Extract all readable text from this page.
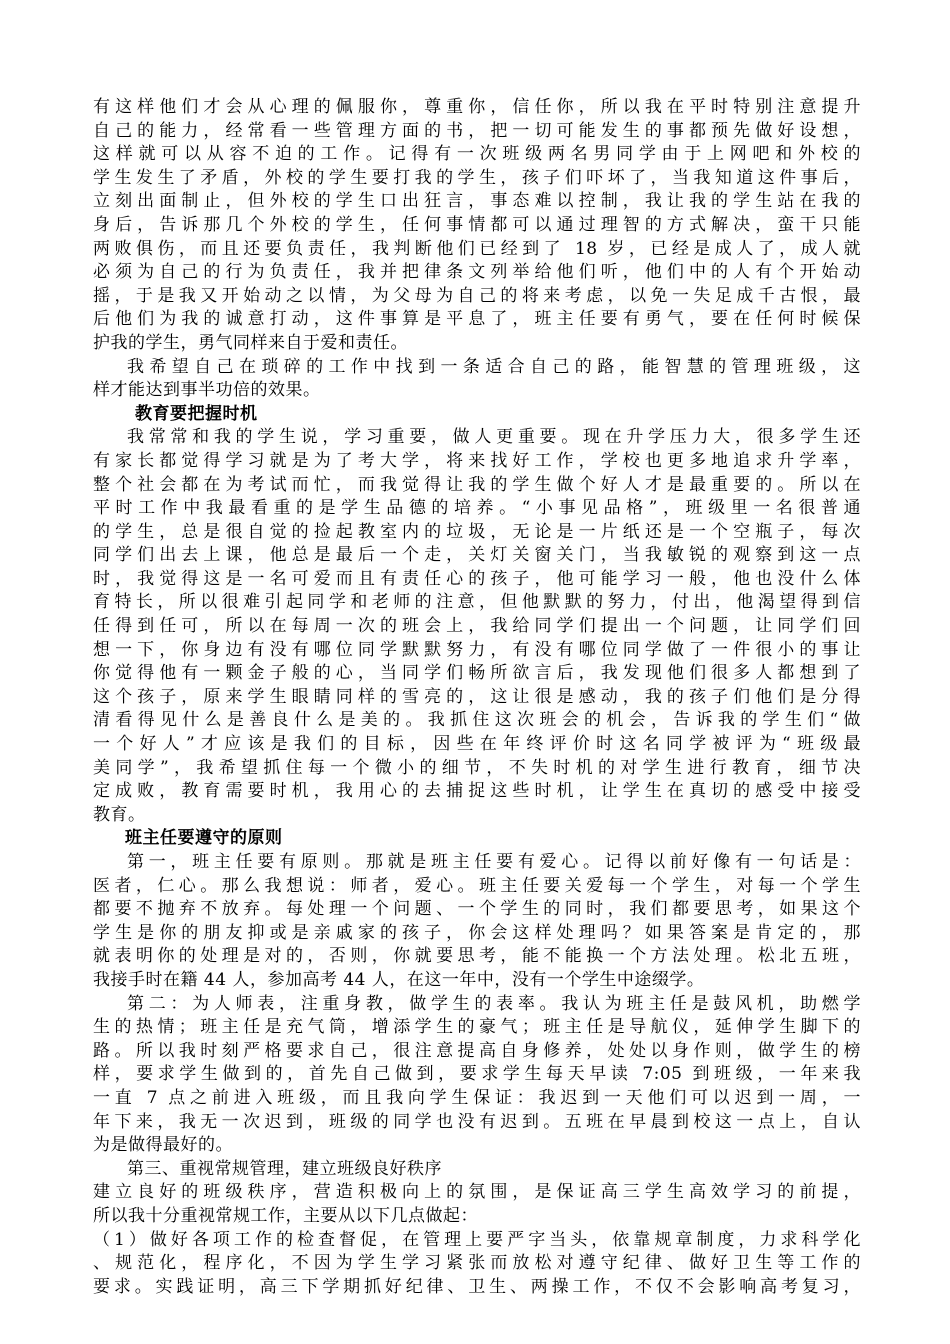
有这样他们才会从心理的佩服你，尊重你，信任你，所以我在平时特别注意提升
自己的能力，经常看一些管理方面的书，把一切可能发生的事都预先做好设想，
这样就可以从容不迫的工作。记得有一次班级两名男同学由于上网吧和外校的
学生发生了矛盾，外校的学生要打我的学生，孩子们吓坏了，当我知道这件事后，
立刻出面制止，但外校的学生口出狂言，事态难以控制，我让我的学生站在我的
身后，告诉那几个外校的学生，任何事情都可以通过理智的方式解决，蛮干只能
两败俱伤，而且还要负责任，我判断他们已经到了 18 岁，已经是成人了，成人就
必须为自己的行为负责任，我并把律条文列举给他们听，他们中的人有个开始动
摇，于是我又开始动之以情，为父母为自己的将来考虑，以免一失足成千古恨，最
后他们为我的诚意打动，这件事算是平息了，班主任要有勇气，要在任何时候保
护我的学生，勇气同样来自于爱和责任。
我希望自己在琐碎的工作中找到一条适合自己的路，能智慧的管理班级，这
样才能达到事半功倍的效果。
教育要把握时机
我常常和我的学生说，学习重要，做人更重要。现在升学压力大，很多学生还
有家长都觉得学习就是为了考大学，将来找好工作，学校也更多地追求升学率，
整个社会都在为考试而忙，而我觉得让我的学生做个好人才是最重要的。所以在
平时工作中我最看重的是学生品德的培养。“小事见品格”，班级里一名很普通
的学生，总是很自觉的捡起教室内的垃圾，无论是一片纸还是一个空瓶子，每次
同学们出去上课，他总是最后一个走，关灯关窗关门，当我敏锐的观察到这一点
时，我觉得这是一名可爱而且有责任心的孩子，他可能学习一般，他也没什么体
育特长，所以很难引起同学和老师的注意，但他默默的努力，付出，他渴望得到信
任得到任可，所以在每周一次的班会上，我给同学们提出一个问题，让同学们回
想一下，你身边有没有哪位同学默默努力，有没有哪位同学做了一件很小的事让
你觉得他有一颗金子般的心，当同学们畅所欲言后，我发现他们很多人都想到了
这个孩子，原来学生眼睛同样的雪亮的，这让很是感动，我的孩子们他们是分得
清看得见什么是善良什么是美的。我抓住这次班会的机会，告诉我的学生们“做
一个好人”才应该是我们的目标，因些在年终评价时这名同学被评为“班级最
美同学”，我希望抓住每一个微小的细节，不失时机的对学生进行教育，细节决
定成败，教育需要时机，我用心的去捕捉这些时机，让学生在真切的感受中接受
教育。
班主任要遵守的原则
第一，班主任要有原则。那就是班主任要有爱心。记得以前好像有一句话是：
医者，仁心。那么我想说：师者，爱心。班主任要关爱每一个学生，对每一个学生
都要不抛弃不放弃。每处理一个问题、一个学生的同时，我们都要思考，如果这个
学生是你的朋友抑或是亲戚家的孩子，你会这样处理吗？如果答案是肯定的，那
就表明你的处理是对的，否则，你就要思考，能不能换一个方法处理。松北五班，
我接手时在籍 44 人，参加高考 44 人，在这一年中，没有一个学生中途缀学。
第二：为人师表，注重身教，做学生的表率。我认为班主任是鼓风机，助燃学
生的热情；班主任是充气筒，增添学生的豪气；班主任是导航仪，延伸学生脚下的
路。所以我时刻严格要求自己，很注意提高自身修养，处处以身作则，做学生的榜
样，要求学生做到的，首先自己做到，要求学生每天早读 7:05 到班级，一年来我
一直 7 点之前进入班级，而且我向学生保证：我迟到一天他们可以迟到一周，一
年下来，我无一次迟到，班级的同学也没有迟到。五班在早晨到校这一点上，自认
为是做得最好的。
第三、重视常规管理，建立班级良好秩序
建立良好的班级秩序，营造积极向上的氛围，是保证高三学生高效学习的前提，
所以我十分重视常规工作，主要从以下几点做起：
（1）做好各项工作的检查督促，在管理上要严字当头，依靠规章制度，力求科学化
、规范化，程序化，不因为学生学习紧张而放松对遵守纪律、做好卫生等工作的
要求。实践证明，高三下学期抓好纪律、卫生、两操工作，不仅不会影响高考复习，
